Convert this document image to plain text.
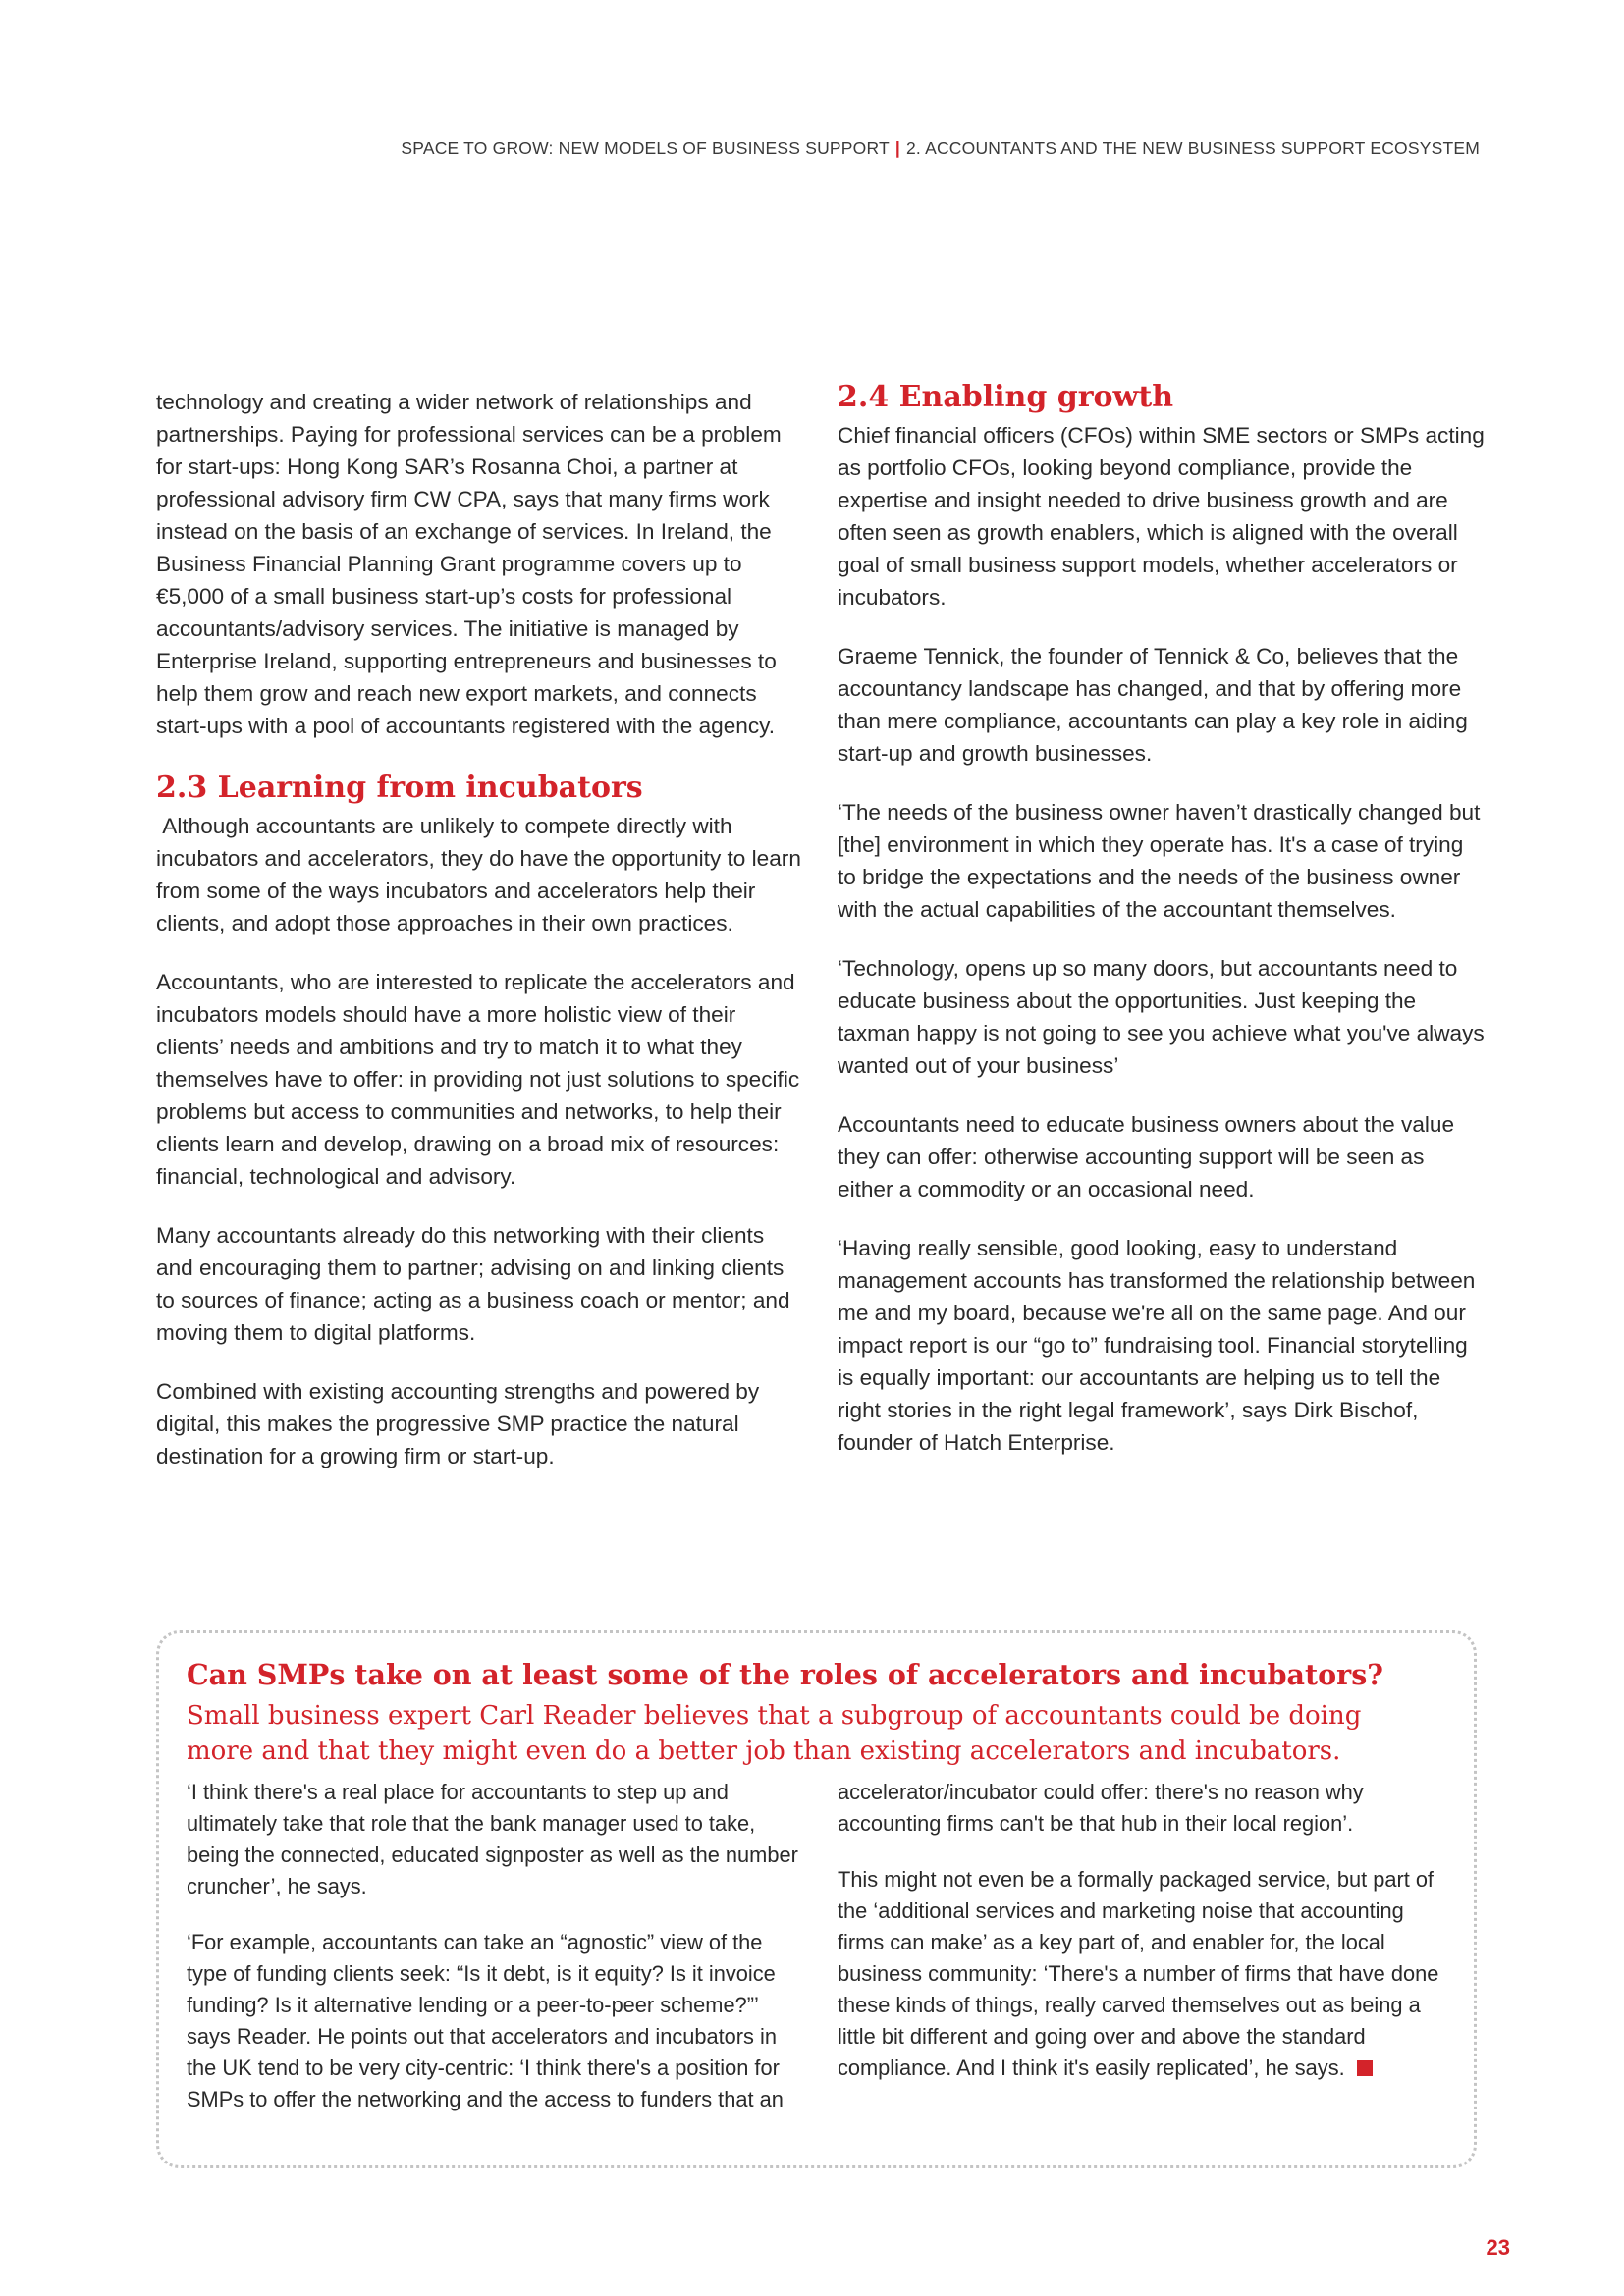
SPACE TO GROW: NEW MODELS OF BUSINESS SUPPORT | 2. ACCOUNTANTS AND THE NEW BUSINESS SUPPORT ECOSYSTEM

technology and creating a wider network of relationships and partnerships. Paying for professional services can be a problem for start-ups: Hong Kong SAR’s Rosanna Choi, a partner at professional advisory firm CW CPA, says that many firms work instead on the basis of an exchange of services. In Ireland, the Business Financial Planning Grant programme covers up to €5,000 of a small business start-up’s costs for professional accountants/advisory services. The initiative is managed by Enterprise Ireland, supporting entrepreneurs and businesses to help them grow and reach new export markets, and connects start-ups with a pool of accountants registered with the agency.

2.3 Learning from incubators

Although accountants are unlikely to compete directly with incubators and accelerators, they do have the opportunity to learn from some of the ways incubators and accelerators help their clients, and adopt those approaches in their own practices.

Accountants, who are interested to replicate the accelerators and incubators models should have a more holistic view of their clients’ needs and ambitions and try to match it to what they themselves have to offer: in providing not just solutions to specific problems but access to communities and networks, to help their clients learn and develop, drawing on a broad mix of resources: financial, technological and advisory.

Many accountants already do this networking with their clients and encouraging them to partner; advising on and linking clients to sources of finance; acting as a business coach or mentor; and moving them to digital platforms.

Combined with existing accounting strengths and powered by digital, this makes the progressive SMP practice the natural destination for a growing firm or start-up.

2.4 Enabling growth

Chief financial officers (CFOs) within SME sectors or SMPs acting as portfolio CFOs, looking beyond compliance, provide the expertise and insight needed to drive business growth and are often seen as growth enablers, which is aligned with the overall goal of small business support models, whether accelerators or incubators.

Graeme Tennick, the founder of Tennick & Co, believes that the accountancy landscape has changed, and that by offering more than mere compliance, accountants can play a key role in aiding start-up and growth businesses.

‘The needs of the business owner haven’t drastically changed but [the] environment in which they operate has. It's a case of trying to bridge the expectations and the needs of the business owner with the actual capabilities of the accountant themselves.

‘Technology, opens up so many doors, but accountants need to educate business about the opportunities. Just keeping the taxman happy is not going to see you achieve what you've always wanted out of your business’

Accountants need to educate business owners about the value they can offer: otherwise accounting support will be seen as either a commodity or an occasional need.

‘Having really sensible, good looking, easy to understand management accounts has transformed the relationship between me and my board, because we're all on the same page. And our impact report is our “go to” fundraising tool. Financial storytelling is equally important: our accountants are helping us to tell the right stories in the right legal framework’, says Dirk Bischof, founder of Hatch Enterprise.

Can SMPs take on at least some of the roles of accelerators and incubators?
Small business expert Carl Reader believes that a subgroup of accountants could be doing more and that they might even do a better job than existing accelerators and incubators.

‘I think there's a real place for accountants to step up and ultimately take that role that the bank manager used to take, being the connected, educated signposter as well as the number cruncher’, he says.

‘For example, accountants can take an “agnostic” view of the type of funding clients seek: “Is it debt, is it equity? Is it invoice funding? Is it alternative lending or a peer-to-peer scheme?”’ says Reader. He points out that accelerators and incubators in the UK tend to be very city-centric: ‘I think there's a position for SMPs to offer the networking and the access to funders that an

accelerator/incubator could offer: there's no reason why accounting firms can't be that hub in their local region’.

This might not even be a formally packaged service, but part of the ‘additional services and marketing noise that accounting firms can make’ as a key part of, and enabler for, the local business community: ‘There's a number of firms that have done these kinds of things, really carved themselves out as being a little bit different and going over and above the standard compliance. And I think it's easily replicated’, he says.

23
